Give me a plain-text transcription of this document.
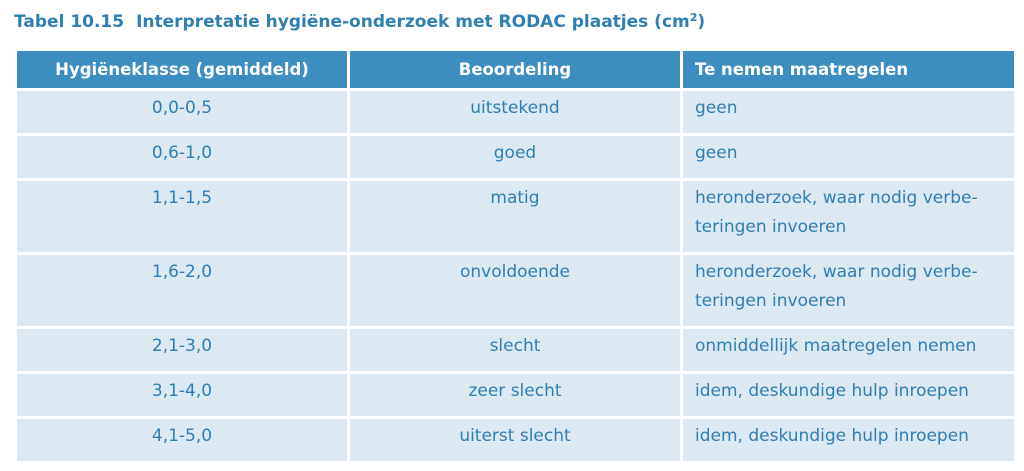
Tabel 10.15 Interpretatie hygiëne-onderzoek met RODAC plaatjes $(cm^2)$
Hygiëneklasse (gemiddeld)	Beoordeling	Te nemen maatregelen

0,0-0,5	uitstekend	geen

0,6-1,0	goed	geen

1,1-1,5	matig	heronderzoek, waar nodig verbe-
teringen invoeren

1,6-2,0	onvoldoende	heronderzoek, waar nodig verbe-
teringen invoeren

2,1-3,0	slecht	onmiddellijk maatregelen nemen

3,1-4,0	zeer slecht	idem, deskundige hulp inroepen

4,1-5,0	uiterst slecht	idem, deskundige hulp inroepen
